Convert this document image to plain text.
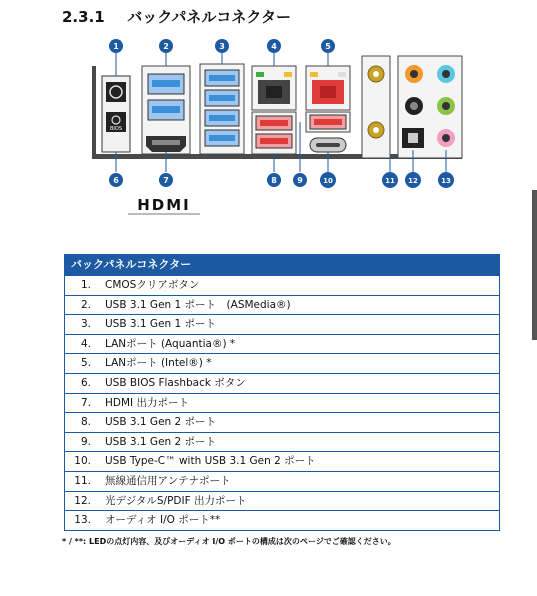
2.3.1 バックパネルコネクター
BIOS
1	2	3	4	5
6	7	8	9	10	11 12	13
HDMI
バックパネルコネクター
1.	CMOSクリアボタン
2.	USB 3.1 Gen 1 ポート　(ASMedia®)
3.	USB 3.1 Gen 1 ポート
4.	LANポート (Aquantia®) *
5.	LANポート (Intel®) *
6.	USB BIOS Flashback ボタン
7.	HDMI 出力ポート
8.	USB 3.1 Gen 2 ポート
9.	USB 3.1 Gen 2 ポート
10.	USB Type-C™ with USB 3.1 Gen 2 ポート
11.	無線通信用アンテナポート
12.	光デジタルS/PDIF 出力ポート
13.	オーディオ I/O ポート**
* / **: LEDの点灯内容、及びオーディオ I/O ポートの構成は次のページでご確認ください。
